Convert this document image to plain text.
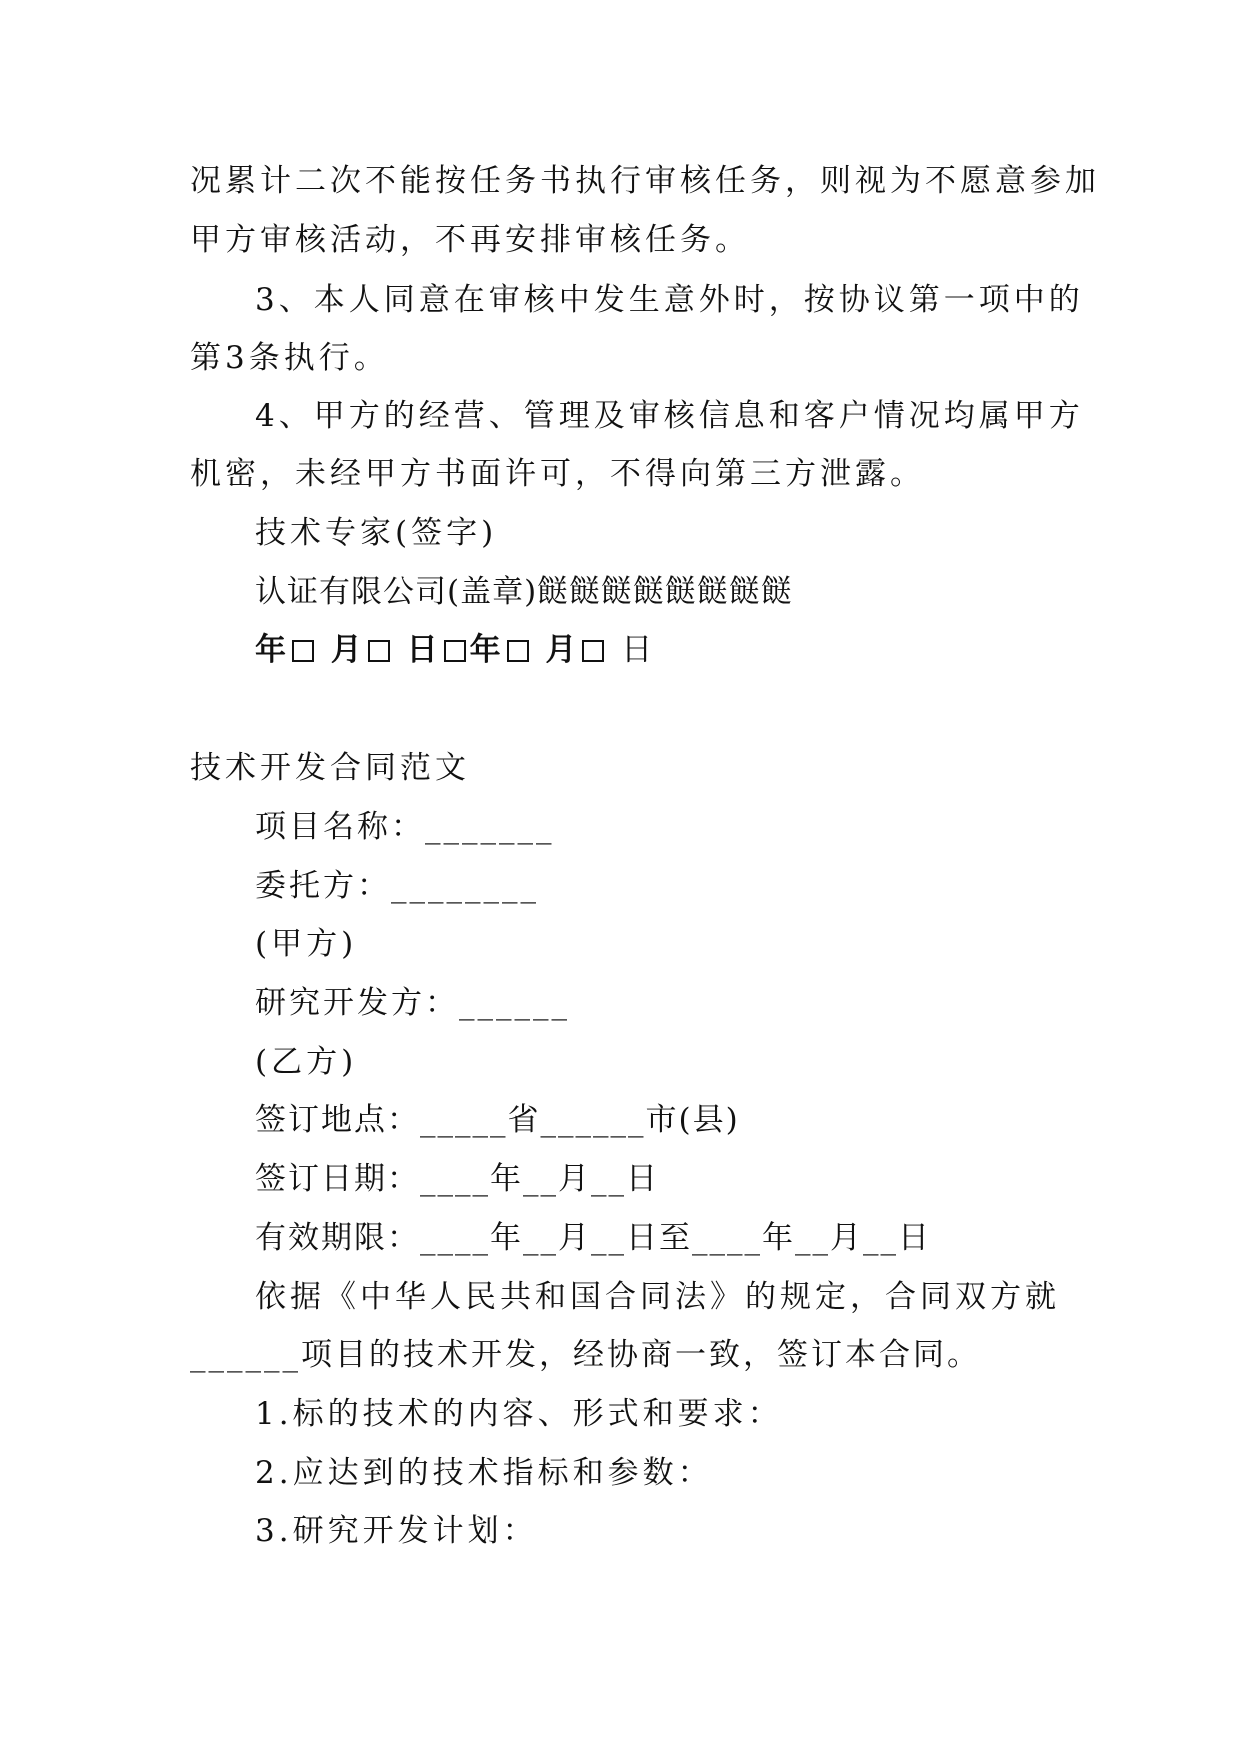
况累计二次不能按任务书执行审核任务，则视为不愿意参加
甲方审核活动，不再安排审核任务。
3、本人同意在审核中发生意外时，按协议第一项中的
第3条执行。
4、甲方的经营、管理及审核信息和客户情况均属甲方
机密，未经甲方书面许可，不得向第三方泄露。
技术专家(签字)
认证有限公司(盖章)餸餸餸餸餸餸餸餸
年 月 日 年 月 日
技术开发合同范文
项目名称：_______
委托方：________
(甲方)
研究开发方：______
(乙方)
签订地点：_____省______市(县)
签订日期：____年__月__日
有效期限：____年__月__日至____年__月__日
依据《中华人民共和国合同法》的规定，合同双方就
______项目的技术开发，经协商一致，签订本合同。
1.标的技术的内容、形式和要求：
2.应达到的技术指标和参数：
3.研究开发计划：
